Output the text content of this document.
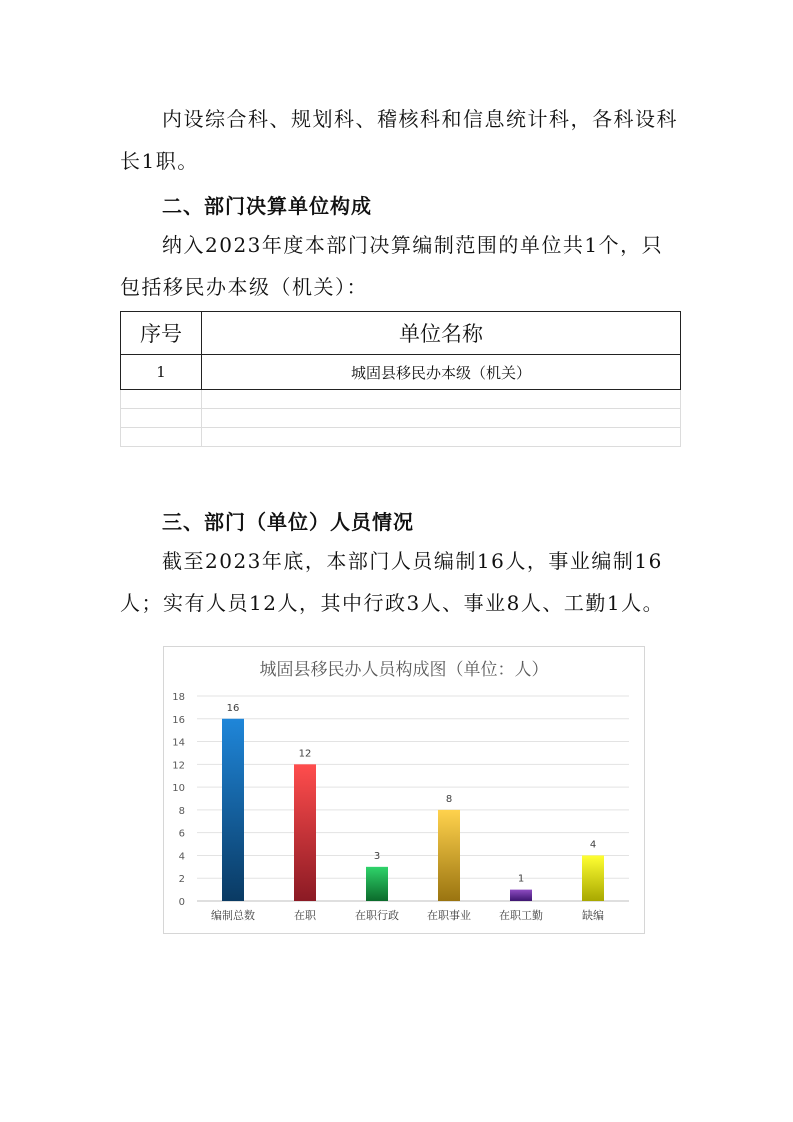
内设综合科、规划科、稽核科和信息统计科，各科设科长1职。

二、部门决算单位构成

纳入2023年度本部门决算编制范围的单位共1个，只包括移民办本级（机关）：

序号	单位名称
1	城固县移民办本级（机关）

三、部门（单位）人员情况

截至2023年底，本部门人员编制16人，事业编制16人；实有人员12人，其中行政3人、事业8人、工勤1人。

0
2
4
6
8
10
12
14
16
18
16
编制总数
12
在职
3
在职行政
8
在职事业
1
在职工勤
4
缺编

城固县移民办人员构成图（单位：人）
